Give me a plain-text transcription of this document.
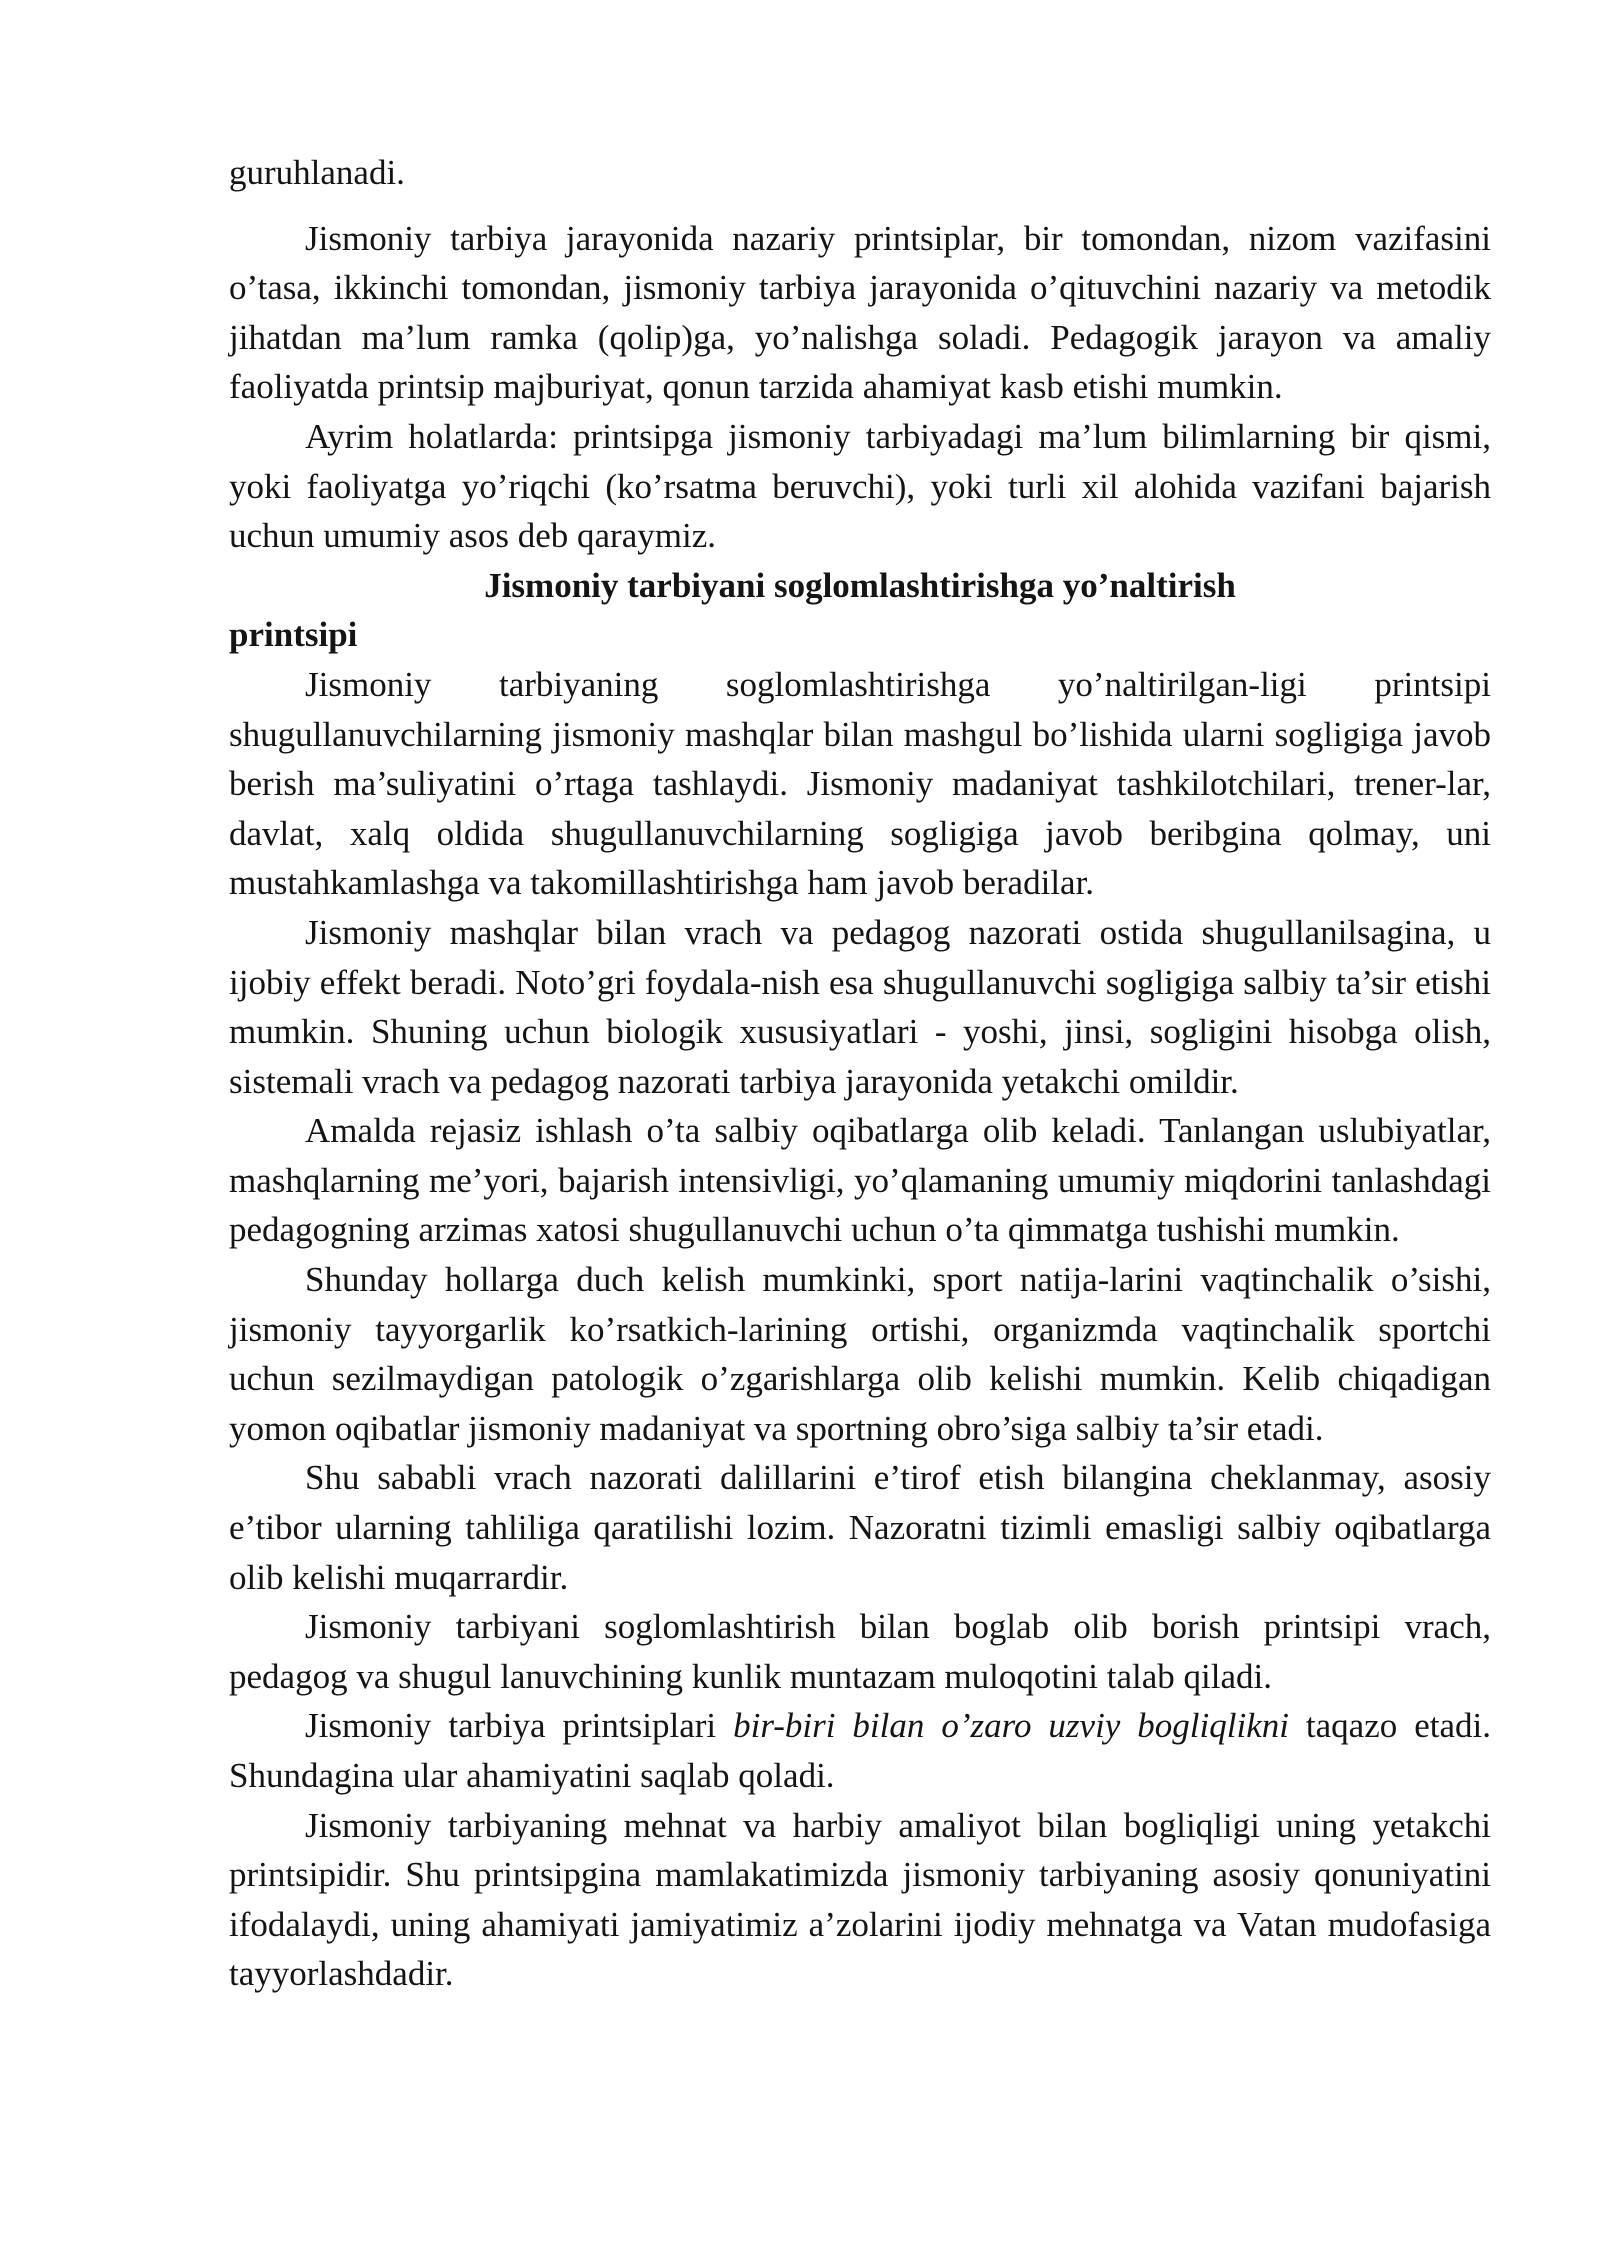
guruhlanadi.

Jismoniy tarbiya jarayonida nazariy printsiplar, bir tomondan, nizom vazifasini o’tasa, ikkinchi tomondan, jismoniy tarbiya jarayonida o’qituvchini nazariy va metodik jihatdan ma’lum ramka (qolip)ga, yo’nalishga soladi. Pedagogik jarayon va amaliy faoliyatda printsip majburiyat, qonun tarzida ahamiyat kasb etishi mumkin.

Ayrim holatlarda: printsipga jismoniy tarbiyadagi ma’lum bilimlarning bir qismi, yoki faoliyatga yo’riqchi (ko’rsatma beruvchi), yoki turli xil alohida vazifani bajarish uchun umumiy asos deb qaraymiz.

Jismoniy tarbiyani soglomlashtirishga yo’naltirish
printsipi

Jismoniy tarbiyaning soglomlashtirishga yo’naltirilgan-ligi printsipi shugullanuvchilarning jismoniy mashqlar bilan mashgul bo’lishida ularni sogligiga javob berish ma’suliyatini o’rtaga tashlaydi. Jismoniy madaniyat tashkilotchilari, trener-lar, davlat, xalq oldida shugullanuvchilarning sogligiga javob beribgina qolmay, uni mustahkamlashga va takomillashtirishga ham javob beradilar.

Jismoniy mashqlar bilan vrach va pedagog nazorati ostida shugullanilsagina, u ijobiy effekt beradi. Noto’gri foydala-nish esa shugullanuvchi sogligiga salbiy ta’sir etishi mumkin. Shuning uchun biologik xususiyatlari - yoshi, jinsi, sogligini hisobga olish, sistemali vrach va pedagog nazorati tarbiya jarayonida yetakchi omildir.

Amalda rejasiz ishlash o’ta salbiy oqibatlarga olib keladi. Tanlangan uslubiyatlar, mashqlarning me’yori, bajarish intensivligi, yo’qlamaning umumiy miqdorini tanlashdagi pedagogning arzimas xatosi shugullanuvchi uchun o’ta qimmatga tushishi mumkin.

Shunday hollarga duch kelish mumkinki, sport natija-larini vaqtinchalik o’sishi, jismoniy tayyorgarlik ko’rsatkich-larining ortishi, organizmda vaqtinchalik sportchi uchun sezilmaydigan patologik o’zgarishlarga olib kelishi mumkin. Kelib chiqadigan yomon oqibatlar jismoniy madaniyat va sportning obro’siga salbiy ta’sir etadi.

Shu sababli vrach nazorati dalillarini e’tirof etish bilangina cheklanmay, asosiy e’tibor ularning tahliliga qaratilishi lozim. Nazoratni tizimli emasligi salbiy oqibatlarga olib kelishi muqarrardir.

Jismoniy tarbiyani soglomlashtirish bilan boglab olib borish printsipi vrach, pedagog va shugul lanuvchining kunlik muntazam muloqotini talab qiladi.

Jismoniy tarbiya printsiplari bir-biri bilan o’zaro uzviy bogliqlikni taqazo etadi. Shundagina ular ahamiyatini saqlab qoladi.

Jismoniy tarbiyaning mehnat va harbiy amaliyot bilan bogliqligi uning yetakchi printsipidir. Shu printsipgina mamlakatimizda jismoniy tarbiyaning asosiy qonuniyatini ifodalaydi, uning ahamiyati jamiyatimiz a’zolarini ijodiy mehnatga va Vatan mudofasiga tayyorlashdadir.
